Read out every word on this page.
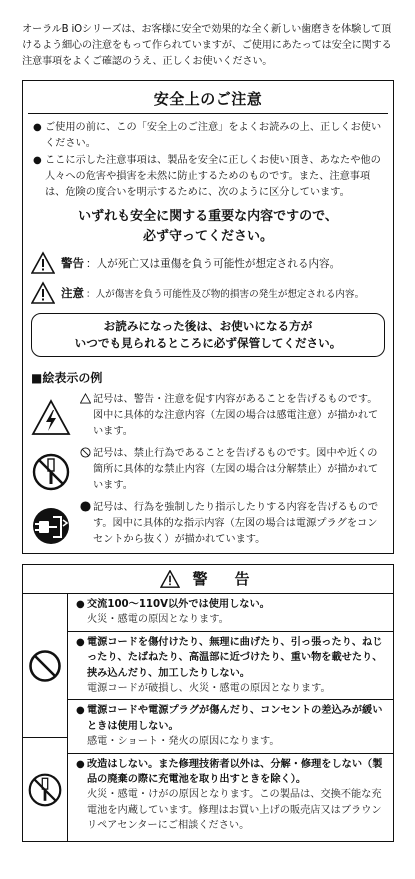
オーラルB iOシリーズは、お客様に安全で効果的な全く新しい歯磨きを体験して頂けるよう細心の注意をもって作られていますが、ご使用にあたっては安全に関する注意事項をよくご確認のうえ、正しくお使いください。

安全上のご注意
● ご使用の前に、この「安全上のご注意」をよくお読みの上、正しくお使いください。
● ここに示した注意事項は、製品を安全に正しくお使い頂き、あなたや他の人々への危害や損害を未然に防止するためのものです。また、注意事項は、危険の度合いを明示するために、次のように区分しています。
いずれも安全に関する重要な内容ですので、
必ず守ってください。
警告 ：人が死亡又は重傷を負う可能性が想定される内容。
注意 ：人が傷害を負う可能性及び物的損害の発生が想定される内容。
お読みになった後は、お使いになる方が
いつでも見られるところに必ず保管してください。
■絵表示の例
記号は、警告・注意を促す内容があることを告げるものです。図中に具体的な注意内容（左図の場合は感電注意）が描かれています。
記号は、禁止行為であることを告げるものです。図中や近くの箇所に具体的な禁止内容（左図の場合は分解禁止）が描かれています。
記号は、行為を強制したり指示したりする内容を告げるものです。図中に具体的な指示内容（左図の場合は電源プラグをコンセントから抜く）が描かれています。
警　告
● 交流100〜110V以外では使用しない。
火災・感電の原因となります。
● 電源コードを傷付けたり、無理に曲げたり、引っ張ったり、ねじったり、たばねたり、高温部に近づけたり、重い物を載せたり、挟み込んだり、加工したりしない。
電源コードが破損し、火災・感電の原因となります。
● 電源コードや電源プラグが傷んだり、コンセントの差込みが緩いときは使用しない。
感電・ショート・発火の原因になります。
● 改造はしない。また修理技術者以外は、分解・修理をしない（製品の廃棄の際に充電池を取り出すときを除く）。
火災・感電・けがの原因となります。この製品は、交換不能な充電池を内蔵しています。修理はお買い上げの販売店又はブラウンリペアセンターにご相談ください。
